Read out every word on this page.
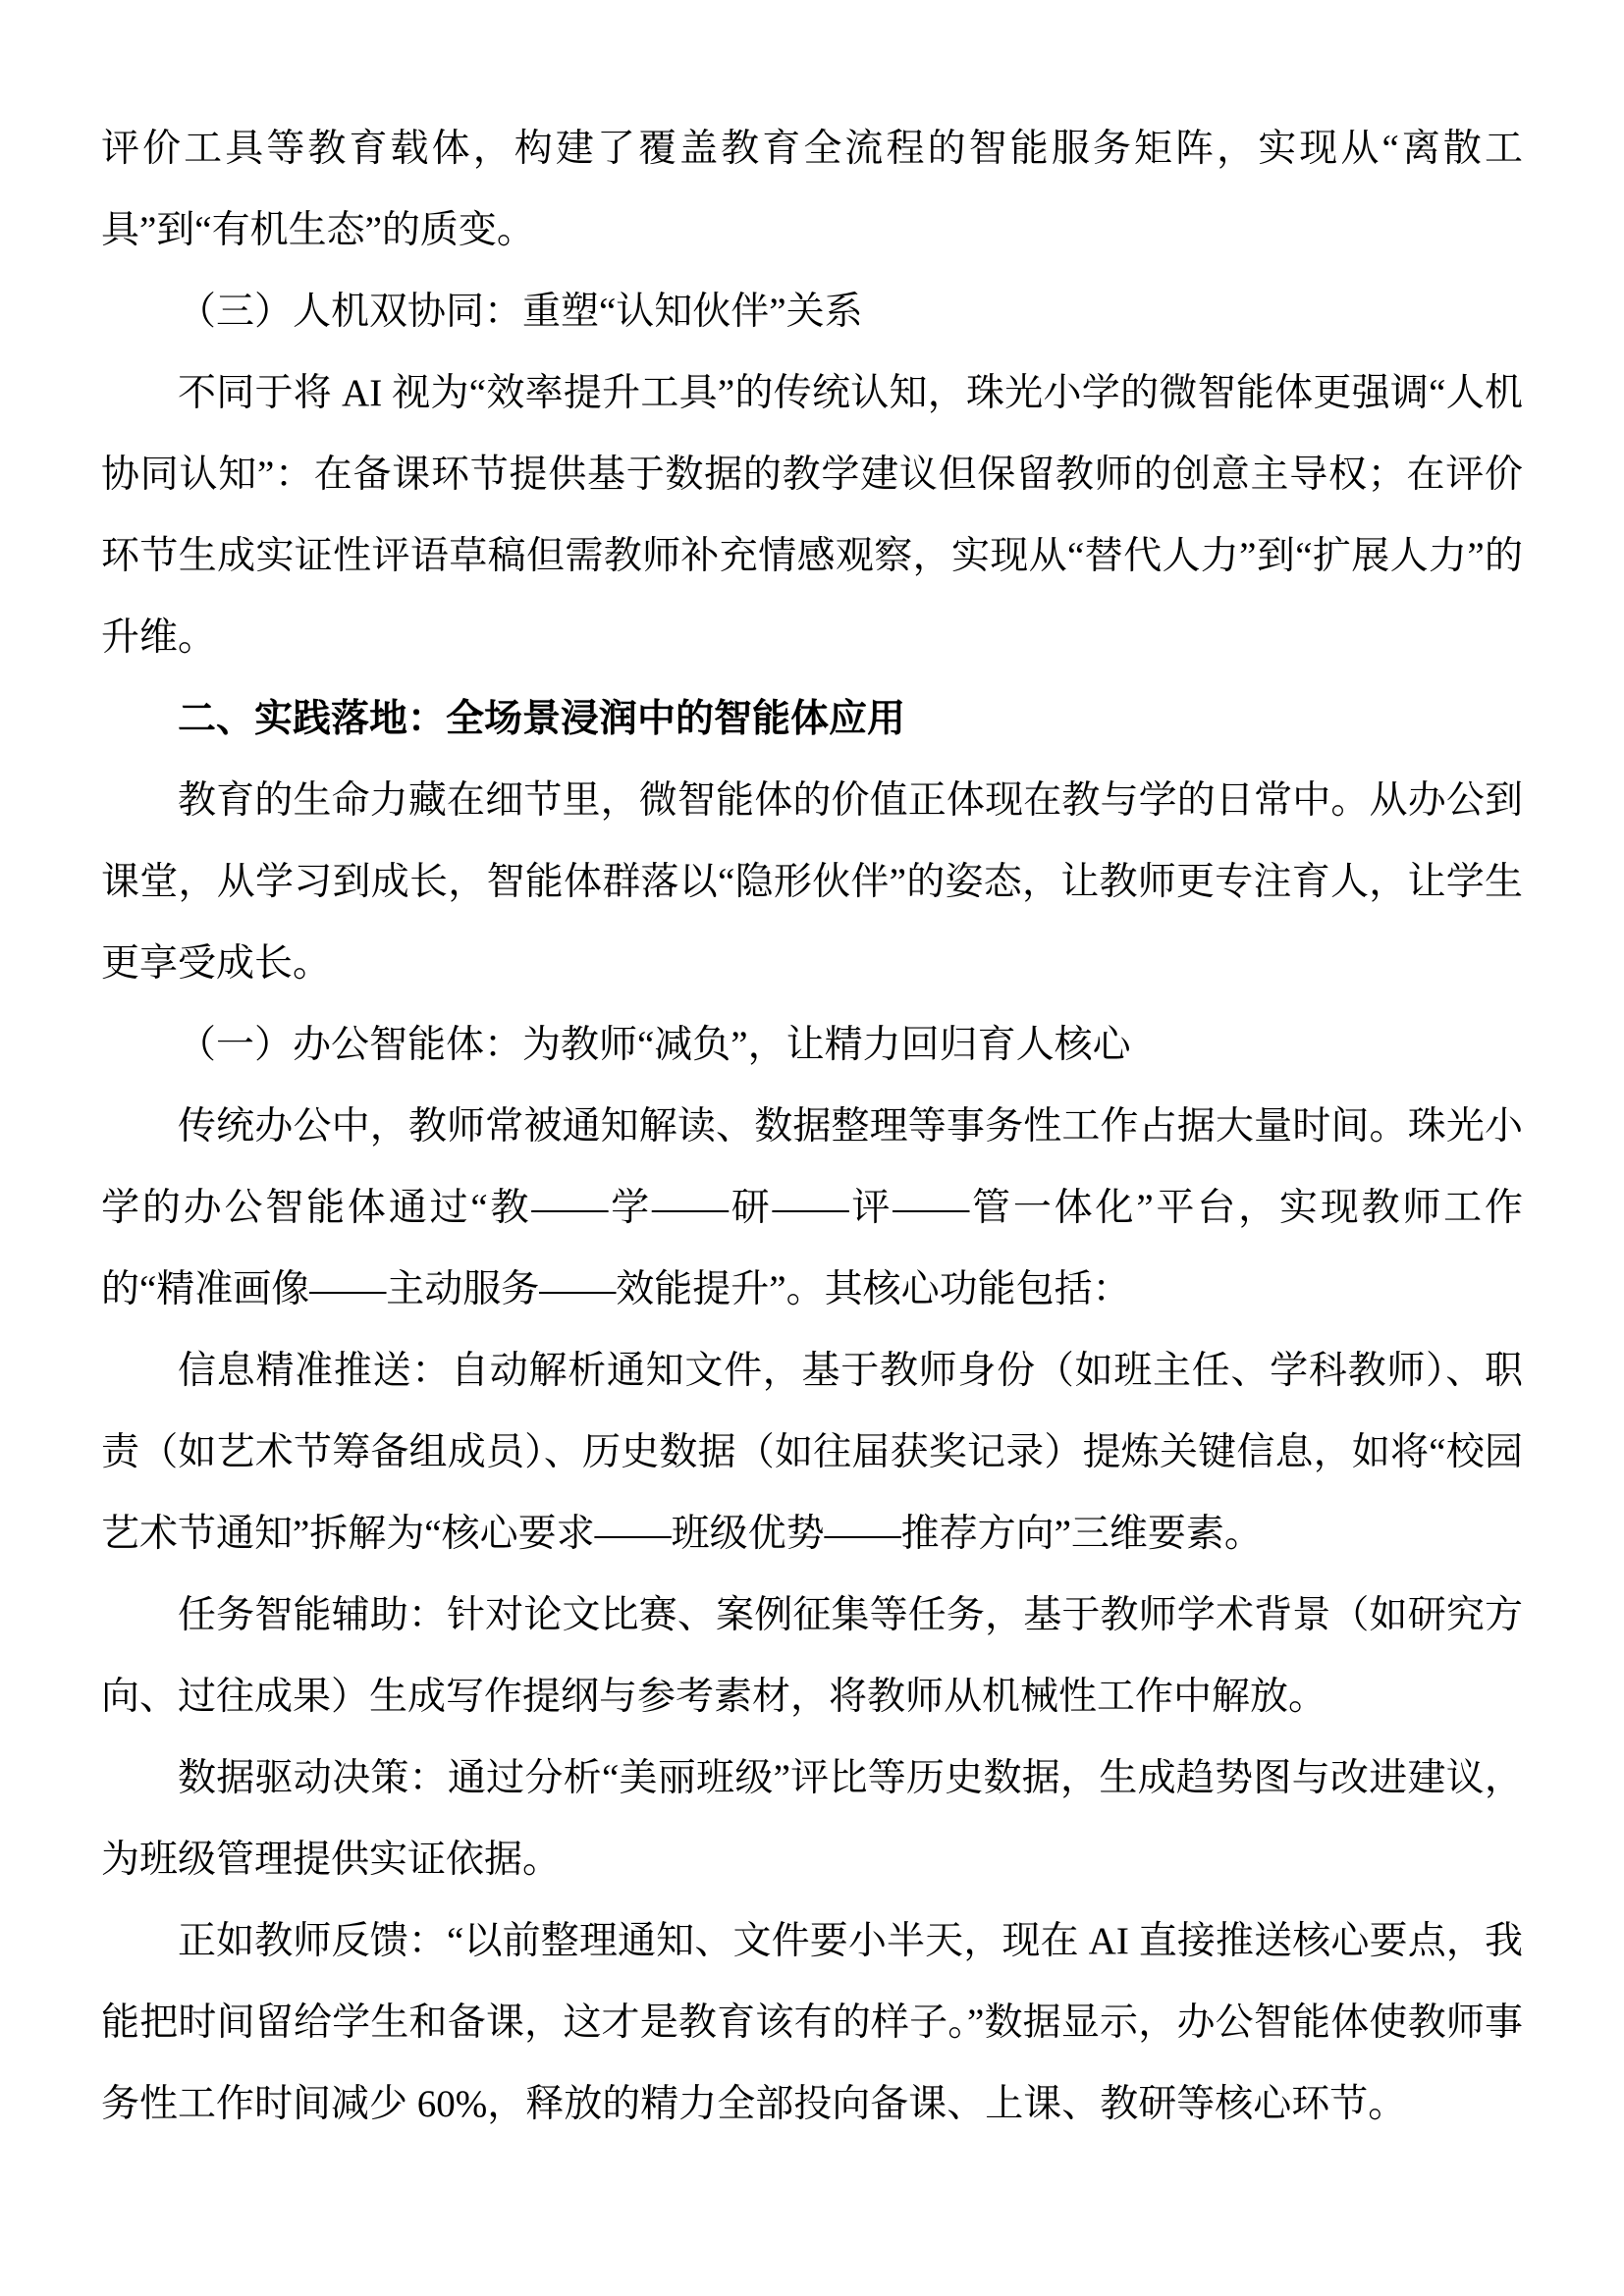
评价工具等教育载体，构建了覆盖教育全流程的智能服务矩阵，实现从“离散工具”到“有机生态”的质变。

（三）人机双协同：重塑“认知伙伴”关系

不同于将 AI 视为“效率提升工具”的传统认知，珠光小学的微智能体更强调“人机协同认知”：在备课环节提供基于数据的教学建议但保留教师的创意主导权；在评价环节生成实证性评语草稿但需教师补充情感观察，实现从“替代人力”到“扩展人力”的升维。

二、实践落地：全场景浸润中的智能体应用

教育的生命力藏在细节里，微智能体的价值正体现在教与学的日常中。从办公到课堂，从学习到成长，智能体群落以“隐形伙伴”的姿态，让教师更专注育人，让学生更享受成长。

（一）办公智能体：为教师“减负”，让精力回归育人核心

传统办公中，教师常被通知解读、数据整理等事务性工作占据大量时间。珠光小学的办公智能体通过“教——学——研——评——管一体化”平台，实现教师工作的“精准画像——主动服务——效能提升”。其核心功能包括：

信息精准推送：自动解析通知文件，基于教师身份（如班主任、学科教师）、职责（如艺术节筹备组成员）、历史数据（如往届获奖记录）提炼关键信息，如将“校园艺术节通知”拆解为“核心要求——班级优势——推荐方向”三维要素。

任务智能辅助：针对论文比赛、案例征集等任务，基于教师学术背景（如研究方向、过往成果）生成写作提纲与参考素材，将教师从机械性工作中解放。

数据驱动决策：通过分析“美丽班级”评比等历史数据，生成趋势图与改进建议，为班级管理提供实证依据。

正如教师反馈：“以前整理通知、文件要小半天，现在 AI 直接推送核心要点，我能把时间留给学生和备课，这才是教育该有的样子。”数据显示，办公智能体使教师事务性工作时间减少 60%，释放的精力全部投向备课、上课、教研等核心环节。
